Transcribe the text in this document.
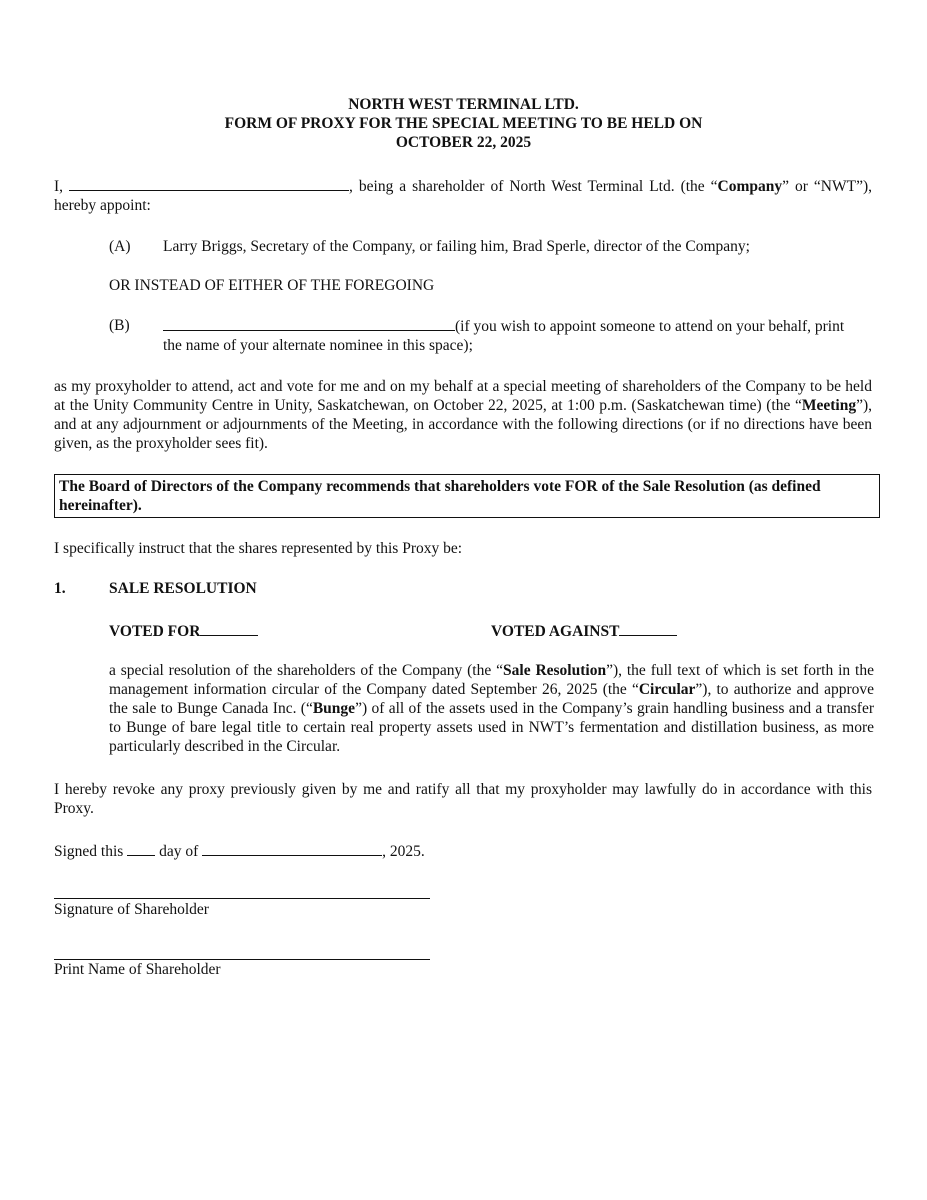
NORTH WEST TERMINAL LTD.
FORM OF PROXY FOR THE SPECIAL MEETING TO BE HELD ON
OCTOBER 22, 2025
I,	, being a shareholder of North West Terminal Ltd. (the “Company” or “NWT”), hereby appoint:
(A) Larry Briggs, Secretary of the Company, or failing him, Brad Sperle, director of the Company;
OR INSTEAD OF EITHER OF THE FOREGOING
(B)	(if you wish to appoint someone to attend on your behalf, print
the name of your alternate nominee in this space);
as my proxyholder to attend, act and vote for me and on my behalf at a special meeting of shareholders of the Company to be held at the Unity Community Centre in Unity, Saskatchewan, on October 22, 2025, at 1:00 p.m. (Saskatchewan time) (the “Meeting”), and at any adjournment or adjournments of the Meeting, in accordance with the following directions (or if no directions have been given, as the proxyholder sees fit).
The Board of Directors of the Company recommends that shareholders vote FOR of the Sale Resolution (as defined hereinafter).
I specifically instruct that the shares represented by this Proxy be:
1.	SALE RESOLUTION
VOTED FOR	VOTED AGAINST
a special resolution of the shareholders of the Company (the “Sale Resolution”), the full text of which is set forth in the management information circular of the Company dated September 26, 2025 (the “Circular”), to authorize and approve the sale to Bunge Canada Inc. (“Bunge”) of all of the assets used in the Company’s grain handling business and a transfer to Bunge of bare legal title to certain real property assets used in NWT’s fermentation and distillation business, as more particularly described in the Circular.
I hereby revoke any proxy previously given by me and ratify all that my proxyholder may lawfully do in accordance with this Proxy.
Signed this day of	, 2025.
Signature of Shareholder
Print Name of Shareholder
